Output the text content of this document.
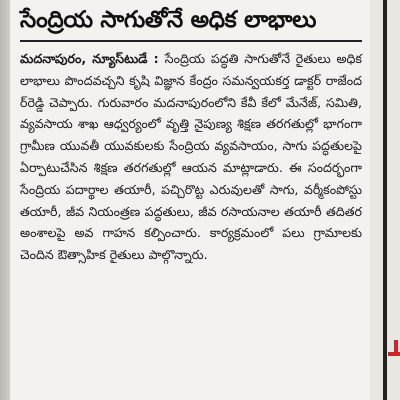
సేంద్రియ సాగుతోనే అధిక లాభాలు

మదనాపురం, న్యూస్‌టుడే : సేంద్రియ పద్ధతి సాగుతోనే రైతులు అధిక లాభాలు పొందవచ్చని కృషి విజ్ఞాన కేంద్రం సమన్వయకర్త డాక్టర్ రాజేంద ర్‌రెడ్డి చెప్పారు. గురువారం మదనాపురంలోని కేవీ కేలో మేనేజ్, సమితి, వ్యవసాయ శాఖ ఆధ్వర్యంలో వృత్తి నైపుణ్య శిక్షణ తరగతుల్లో భాగంగా గ్రామీణ యువతీ యువకులకు సేంద్రియ వ్యవసాయం, సాగు పద్ధతులపై ఏర్పాటుచేసిన శిక్షణ తరగతుల్లో ఆయన మాట్లాడారు. ఈ సందర్భంగా సేంద్రియ పదార్థాల తయారీ, పచ్చిరొట్ట ఎరువులతో సాగు, వర్మీకంపోస్టు తయారీ, జీవ నియంత్రణ పద్ధతులు, జీవ రసాయనాల తయారీ తదితర అంశాలపై అవ గాహన కల్పించారు. కార్యక్రమంలో పలు గ్రామాలకు చెందిన ఔత్సాహిక రైతులు పాల్గొన్నారు.
